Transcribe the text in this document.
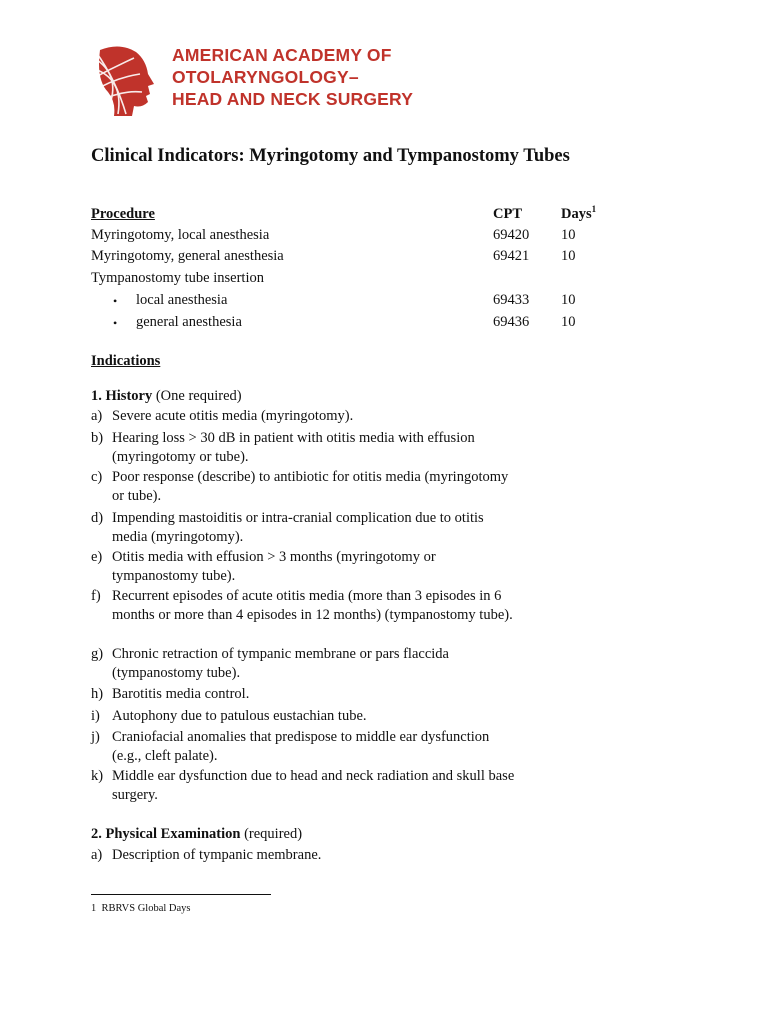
AMERICAN ACADEMY OF
OTOLARYNGOLOGY–
HEAD AND NECK SURGERY
Clinical Indicators: Myringotomy and Tympanostomy Tubes
Procedure	CPT	Days$^1$
Myringotomy, local anesthesia	69420 10
Myringotomy, general anesthesia	69421 10
Tympanostomy tube insertion
• local anesthesia	69433 10
• general anesthesia	69436 10
Indications
1. History (One required)
a) Severe acute otitis media (myringotomy).
b) Hearing loss > 30 dB in patient with otitis media with effusion (myringotomy or tube).
c) Poor response (describe) to antibiotic for otitis media (myringotomy or tube).
d) Impending mastoiditis or intra-cranial complication due to otitis media (myringotomy).
e) Otitis media with effusion > 3 months (myringotomy or tympanostomy tube).
f) Recurrent episodes of acute otitis media (more than 3 episodes in 6 months or more than 4 episodes in 12 months) (tympanostomy tube).
g) Chronic retraction of tympanic membrane or pars flaccida (tympanostomy tube).
h) Barotitis media control.
i) Autophony due to patulous eustachian tube.
j) Craniofacial anomalies that predispose to middle ear dysfunction (e.g., cleft palate).
k) Middle ear dysfunction due to head and neck radiation and skull base surgery.
2. Physical Examination (required)
a) Description of tympanic membrane.
1 RBRVS Global Days
